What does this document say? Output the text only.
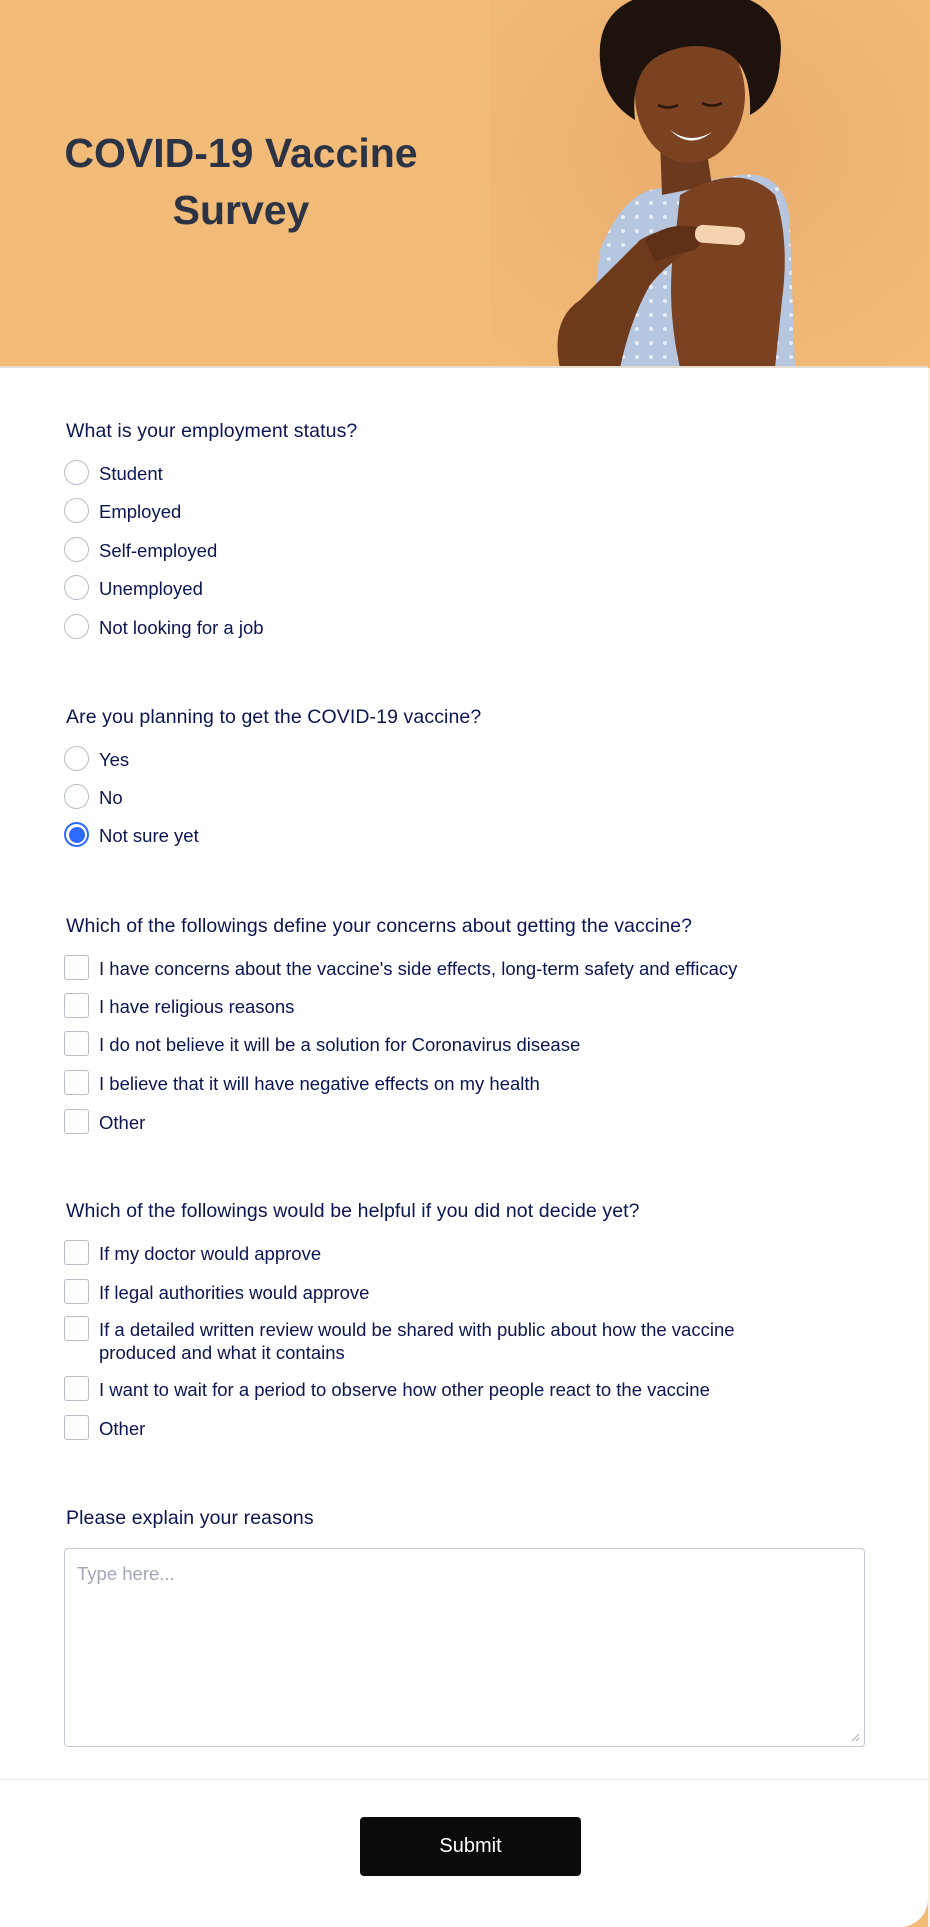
COVID-19 Vaccine
Survey
What is your employment status?
Student
Employed
Self-employed
Unemployed
Not looking for a job
Are you planning to get the COVID-19 vaccine?
Yes
No
Not sure yet
Which of the followings define your concerns about getting the vaccine?
I have concerns about the vaccine's side effects, long-term safety and efficacy
I have religious reasons
I do not believe it will be a solution for Coronavirus disease
I believe that it will have negative effects on my health
Other
Which of the followings would be helpful if you did not decide yet?
If my doctor would approve
If legal authorities would approve
If a detailed written review would be shared with public about how the vaccine produced and what it contains
I want to wait for a period to observe how other people react to the vaccine
Other
Please explain your reasons
Type here...
Submit
